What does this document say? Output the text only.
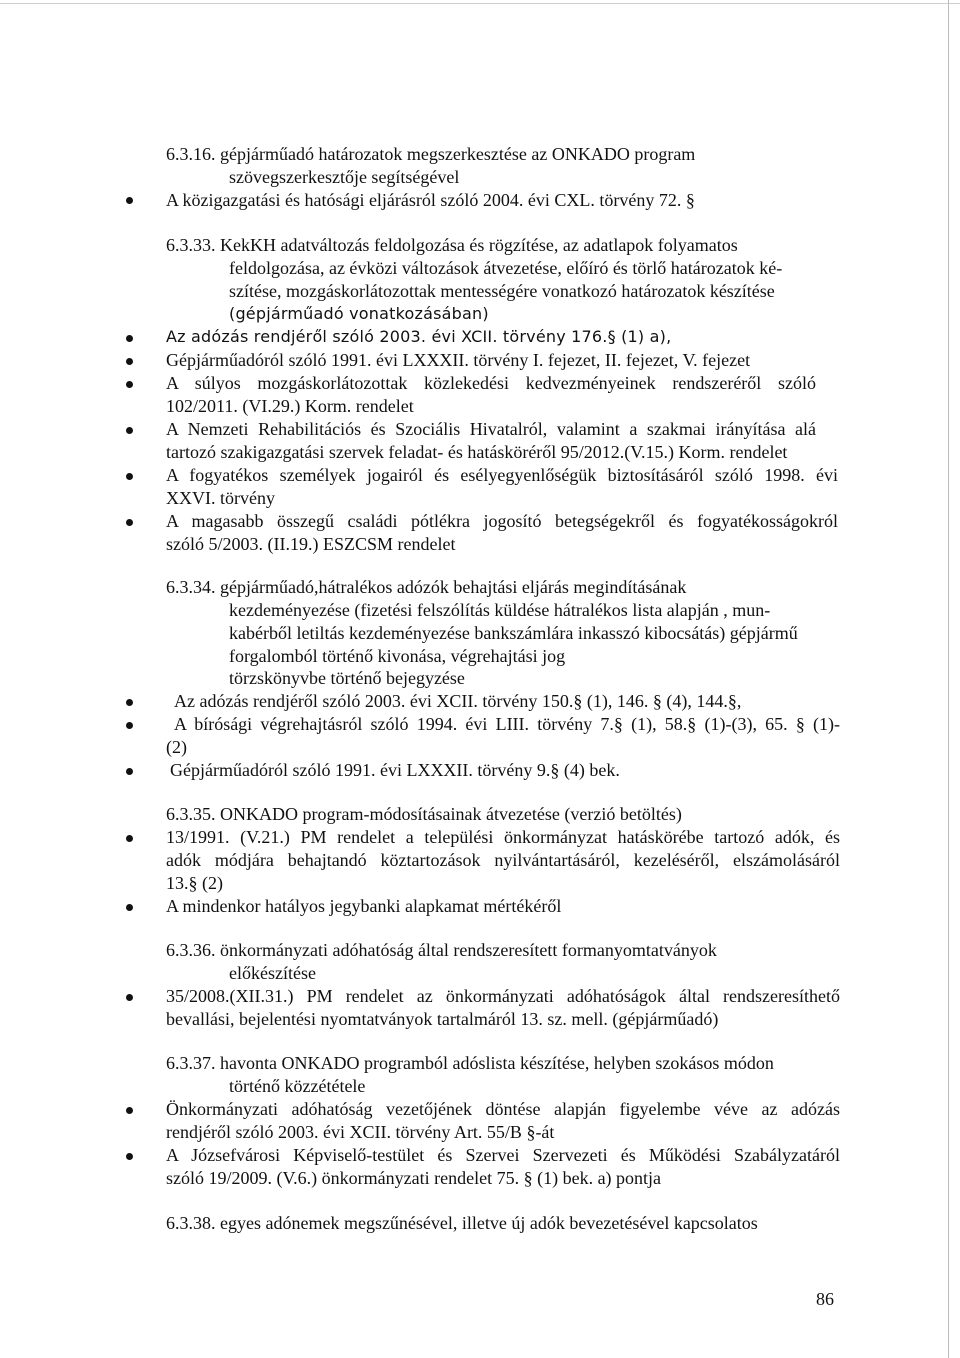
6.3.16. gépjárműadó határozatok megszerkesztése az ONKADO program
szövegszerkesztője segítségével
A közigazgatási és hatósági eljárásról szóló 2004. évi CXL. törvény 72. §
6.3.33. KekKH adatváltozás feldolgozása és rögzítése, az adatlapok folyamatos
feldolgozása, az évközi változások átvezetése, előíró és törlő határozatok ké-
szítése, mozgáskorlátozottak mentességére vonatkozó határozatok készítése
(gépjárműadó vonatkozásában)
Az adózás rendjéről szóló 2003. évi XCII. törvény 176.§ (1) a),
Gépjárműadóról szóló 1991. évi LXXXII. törvény I. fejezet, II. fejezet, V. fejezet
A súlyos mozgáskorlátozottak közlekedési kedvezményeinek rendszeréről szóló
102/2011. (VI.29.) Korm. rendelet
A Nemzeti Rehabilitációs és Szociális Hivatalról, valamint a szakmai irányítása alá
tartozó szakigazgatási szervek feladat- és hatásköréről 95/2012.(V.15.) Korm. rendelet
A fogyatékos személyek jogairól és esélyegyenlőségük biztosításáról szóló 1998. évi
XXVI. törvény
A magasabb összegű családi pótlékra jogosító betegségekről és fogyatékosságokról
szóló 5/2003. (II.19.) ESZCSM rendelet
6.3.34. gépjárműadó,hátralékos adózók behajtási eljárás megindításának
kezdeményezése (fizetési felszólítás küldése hátralékos lista alapján , mun-
kabérből letiltás kezdeményezése bankszámlára inkasszó kibocsátás) gépjármű
forgalomból történő kivonása, végrehajtási jog
törzskönyvbe történő bejegyzése
Az adózás rendjéről szóló 2003. évi XCII. törvény 150.§ (1), 146. § (4), 144.§,
A bírósági végrehajtásról szóló 1994. évi LIII. törvény 7.§ (1), 58.§ (1)-(3), 65. § (1)-
(2)
Gépjárműadóról szóló 1991. évi LXXXII. törvény 9.§ (4) bek.
6.3.35. ONKADO program-módosításainak átvezetése (verzió betöltés)
13/1991. (V.21.) PM rendelet a települési önkormányzat hatáskörébe tartozó adók, és
adók módjára behajtandó köztartozások nyilvántartásáról, kezeléséről, elszámolásáról
13.§ (2)
A mindenkor hatályos jegybanki alapkamat mértékéről
6.3.36. önkormányzati adóhatóság által rendszeresített formanyomtatványok
előkészítése
35/2008.(XII.31.) PM rendelet az önkormányzati adóhatóságok által rendszeresíthető
bevallási, bejelentési nyomtatványok tartalmáról 13. sz. mell. (gépjárműadó)
6.3.37. havonta ONKADO programból adóslista készítése, helyben szokásos módon
történő közzététele
Önkormányzati adóhatóság vezetőjének döntése alapján figyelembe véve az adózás
rendjéről szóló 2003. évi XCII. törvény Art. 55/B §-át
A Józsefvárosi Képviselő-testület és Szervei Szervezeti és Működési Szabályzatáról
szóló 19/2009. (V.6.) önkormányzati rendelet 75. § (1) bek. a) pontja
6.3.38. egyes adónemek megszűnésével, illetve új adók bevezetésével kapcsolatos
86
